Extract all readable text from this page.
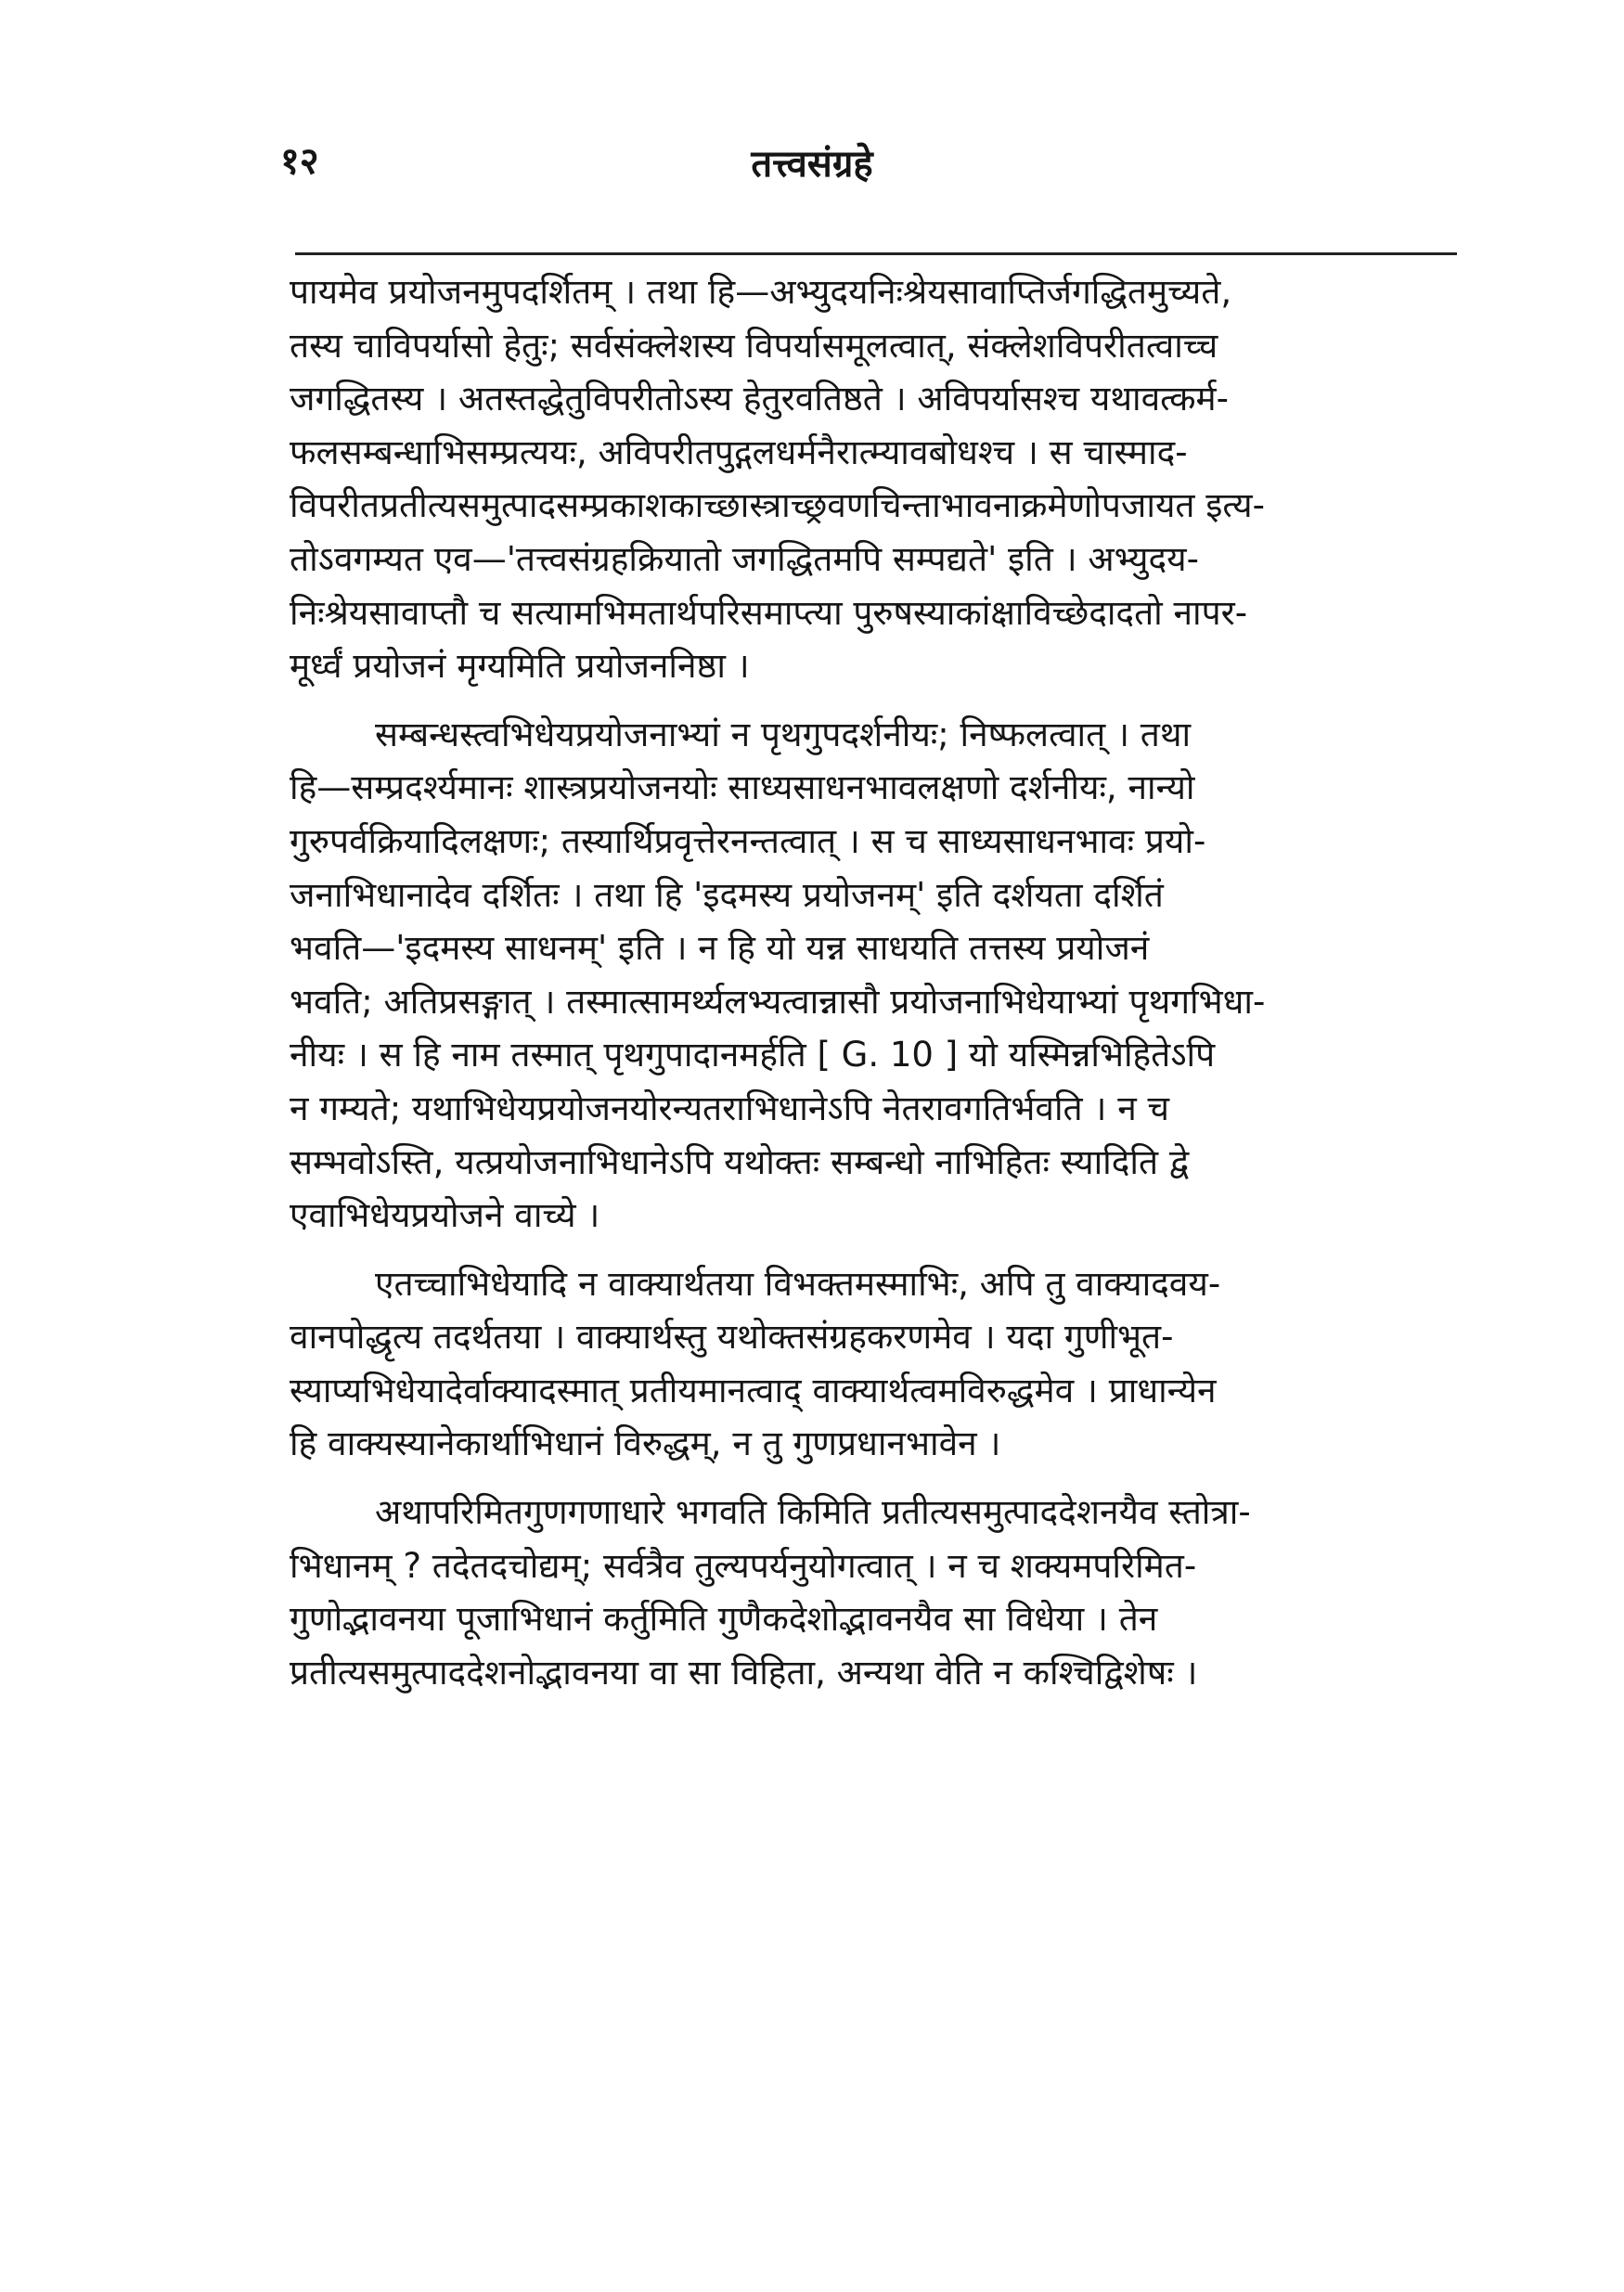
१२	तत्त्वसंग्रहे

पायमेव प्रयोजनमुपदर्शितम् । तथा हि—अभ्युदयनिःश्रेयसावाप्तिर्जगद्धितमुच्यते,
तस्य चाविपर्यासो हेतुः; सर्वसंक्लेशस्य विपर्यासमूलत्वात्, संक्लेशविपरीतत्वाच्च
जगद्धितस्य । अतस्तद्धेतुविपरीतोऽस्य हेतुरवतिष्ठते । अविपर्यासश्च यथावत्कर्म-
फलसम्बन्धाभिसम्प्रत्ययः, अविपरीतपुद्गलधर्मनैरात्म्यावबोधश्च । स चास्माद-
विपरीतप्रतीत्यसमुत्पादसम्प्रकाशकाच्छास्त्राच्छ्रवणचिन्ताभावनाक्रमेणोपजायत इत्य-
तोऽवगम्यत एव—'तत्त्वसंग्रहक्रियातो जगद्धितमपि सम्पद्यते' इति । अभ्युदय-
निःश्रेयसावाप्तौ च सत्यामभिमतार्थपरिसमाप्त्या पुरुषस्याकांक्षाविच्छेदादतो नापर-
मूर्ध्वं प्रयोजनं मृग्यमिति प्रयोजननिष्ठा ।

सम्बन्धस्त्वभिधेयप्रयोजनाभ्यां न पृथगुपदर्शनीयः; निष्फलत्वात् । तथा
हि—सम्प्रदर्श्यमानः शास्त्रप्रयोजनयोः साध्यसाधनभावलक्षणो दर्शनीयः, नान्यो
गुरुपर्वक्रियादिलक्षणः; तस्यार्थिप्रवृत्तेरनन्तत्वात् । स च साध्यसाधनभावः प्रयो-
जनाभिधानादेव दर्शितः । तथा हि 'इदमस्य प्रयोजनम्' इति दर्शयता दर्शितं
भवति—'इदमस्य साधनम्' इति । न हि यो यन्न साधयति तत्तस्य प्रयोजनं
भवति; अतिप्रसङ्गात् । तस्मात्सामर्थ्यलभ्यत्वान्नासौ प्रयोजनाभिधेयाभ्यां पृथगभिधा-
नीयः । स हि नाम तस्मात् पृथगुपादानमर्हति [ G. 10 ] यो यस्मिन्नभिहितेऽपि
न गम्यते; यथाभिधेयप्रयोजनयोरन्यतराभिधानेऽपि नेतरावगतिर्भवति । न च
सम्भवोऽस्ति, यत्प्रयोजनाभिधानेऽपि यथोक्तः सम्बन्धो नाभिहितः स्यादिति द्वे
एवाभिधेयप्रयोजने वाच्ये ।

एतच्चाभिधेयादि न वाक्यार्थतया विभक्तमस्माभिः, अपि तु वाक्यादवय-
वानपोद्धृत्य तदर्थतया । वाक्यार्थस्तु यथोक्तसंग्रहकरणमेव । यदा गुणीभूत-
स्याप्यभिधेयादेर्वाक्यादस्मात् प्रतीयमानत्वाद् वाक्यार्थत्वमविरुद्धमेव । प्राधान्येन
हि वाक्यस्यानेकार्थाभिधानं विरुद्धम्, न तु गुणप्रधानभावेन ।

अथापरिमितगुणगणाधारे भगवति किमिति प्रतीत्यसमुत्पाददेशनयैव स्तोत्रा-
भिधानम् ? तदेतदचोद्यम्; सर्वत्रैव तुल्यपर्यनुयोगत्वात् । न च शक्यमपरिमित-
गुणोद्भावनया पूजाभिधानं कर्तुमिति गुणैकदेशोद्भावनयैव सा विधेया । तेन
प्रतीत्यसमुत्पाददेशनोद्भावनया वा सा विहिता, अन्यथा वेति न कश्चिद्विशेषः ।
